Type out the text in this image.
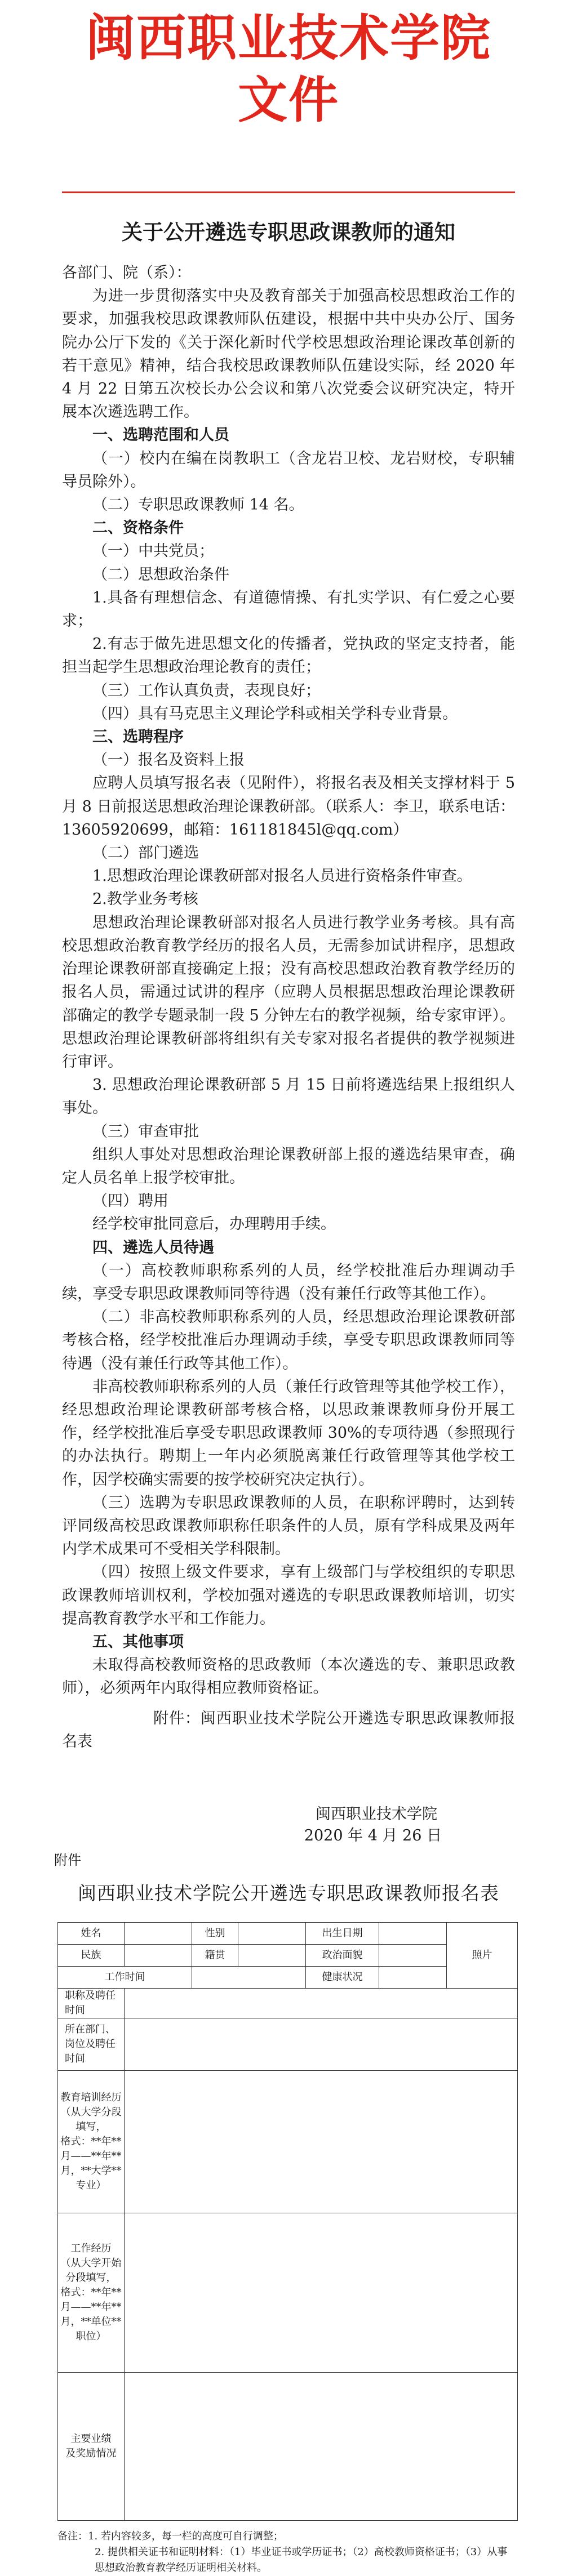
闽西职业技术学院文件
关于公开遴选专职思政课教师的通知

各部门、院（系）：

为进一步贯彻落实中央及教育部关于加强高校思想政治工作的要求，加强我校思政课教师队伍建设，根据中共中央办公厅、国务院办公厅下发的《关于深化新时代学校思想政治理论课改革创新的若干意见》精神，结合我校思政课教师队伍建设实际，经 2020 年 4 月 22 日第五次校长办公会议和第八次党委会议研究决定，特开展本次遴选聘工作。

一、选聘范围和人员

（一）校内在编在岗教职工（含龙岩卫校、龙岩财校，专职辅导员除外）。

（二）专职思政课教师 14 名。

二、资格条件

（一）中共党员；

（二）思想政治条件

1.具备有理想信念、有道德情操、有扎实学识、有仁爱之心要求；

2.有志于做先进思想文化的传播者，党执政的坚定支持者，能担当起学生思想政治理论教育的责任；

（三）工作认真负责，表现良好；

（四）具有马克思主义理论学科或相关学科专业背景。

三、选聘程序

（一）报名及资料上报

应聘人员填写报名表（见附件），将报名表及相关支撑材料于 5 月 8 日前报送思想政治理论课教研部。（联系人：李卫，联系电话：13605920699，邮箱：161181845l@qq.com）

（二）部门遴选

1.思想政治理论课教研部对报名人员进行资格条件审查。

2.教学业务考核

思想政治理论课教研部对报名人员进行教学业务考核。具有高校思想政治教育教学经历的报名人员，无需参加试讲程序，思想政治理论课教研部直接确定上报；没有高校思想政治教育教学经历的报名人员，需通过试讲的程序（应聘人员根据思想政治理论课教研部确定的教学专题录制一段 5 分钟左右的教学视频，给专家审评）。思想政治理论课教研部将组织有关专家对报名者提供的教学视频进行审评。

3. 思想政治理论课教研部 5 月 15 日前将遴选结果上报组织人事处。

（三）审查审批

组织人事处对思想政治理论课教研部上报的遴选结果审查，确定人员名单上报学校审批。

（四）聘用

经学校审批同意后，办理聘用手续。

四、遴选人员待遇

（一）高校教师职称系列的人员，经学校批准后办理调动手续，享受专职思政课教师同等待遇（没有兼任行政等其他工作）。

（二）非高校教师职称系列的人员，经思想政治理论课教研部考核合格，经学校批准后办理调动手续，享受专职思政课教师同等待遇（没有兼任行政等其他工作）。

非高校教师职称系列的人员（兼任行政管理等其他学校工作），经思想政治理论课教研部考核合格，以思政兼课教师身份开展工作，经学校批准后享受专职思政课教师 30%的专项待遇（参照现行的办法执行。聘期上一年内必须脱离兼任行政管理等其他学校工作，因学校确实需要的按学校研究决定执行）。

（三）选聘为专职思政课教师的人员，在职称评聘时，达到转评同级高校思政课教师职称任职条件的人员，原有学科成果及两年内学术成果可不受相关学科限制。

（四）按照上级文件要求，享有上级部门与学校组织的专职思政课教师培训权利，学校加强对遴选的专职思政课教师培训，切实提高教育教学水平和工作能力。

五、其他事项

未取得高校教师资格的思政教师（本次遴选的专、兼职思政教师），必须两年内取得相应教师资格证。

附件：闽西职业技术学院公开遴选专职思政课教师报名表

闽西职业技术学院
2020 年 4 月 26 日
附件
闽西职业技术学院公开遴选专职思政课教师报名表
姓名		性别		出生日期		照片
民族		籍贯		政治面貌		
工作时间				健康状况		
职称及聘任时间						
所在部门、岗位及聘任时间						
教育培训经历
（从大学分段填写，
格式：**年**月——**年**月，**大学**专业）						
工作经历
（从大学开始分段填写，
格式：**年**月——**年**月，**单位**职位）						
主要业绩
及奖励情况						

备注：1. 若内容较多，每一栏的高度可自行调整；

2. 提供相关证书和证明材料：（1）毕业证书或学历证书；（2）高校教师资格证书；（3）从事思想政治教育教学经历证明相关材料。
